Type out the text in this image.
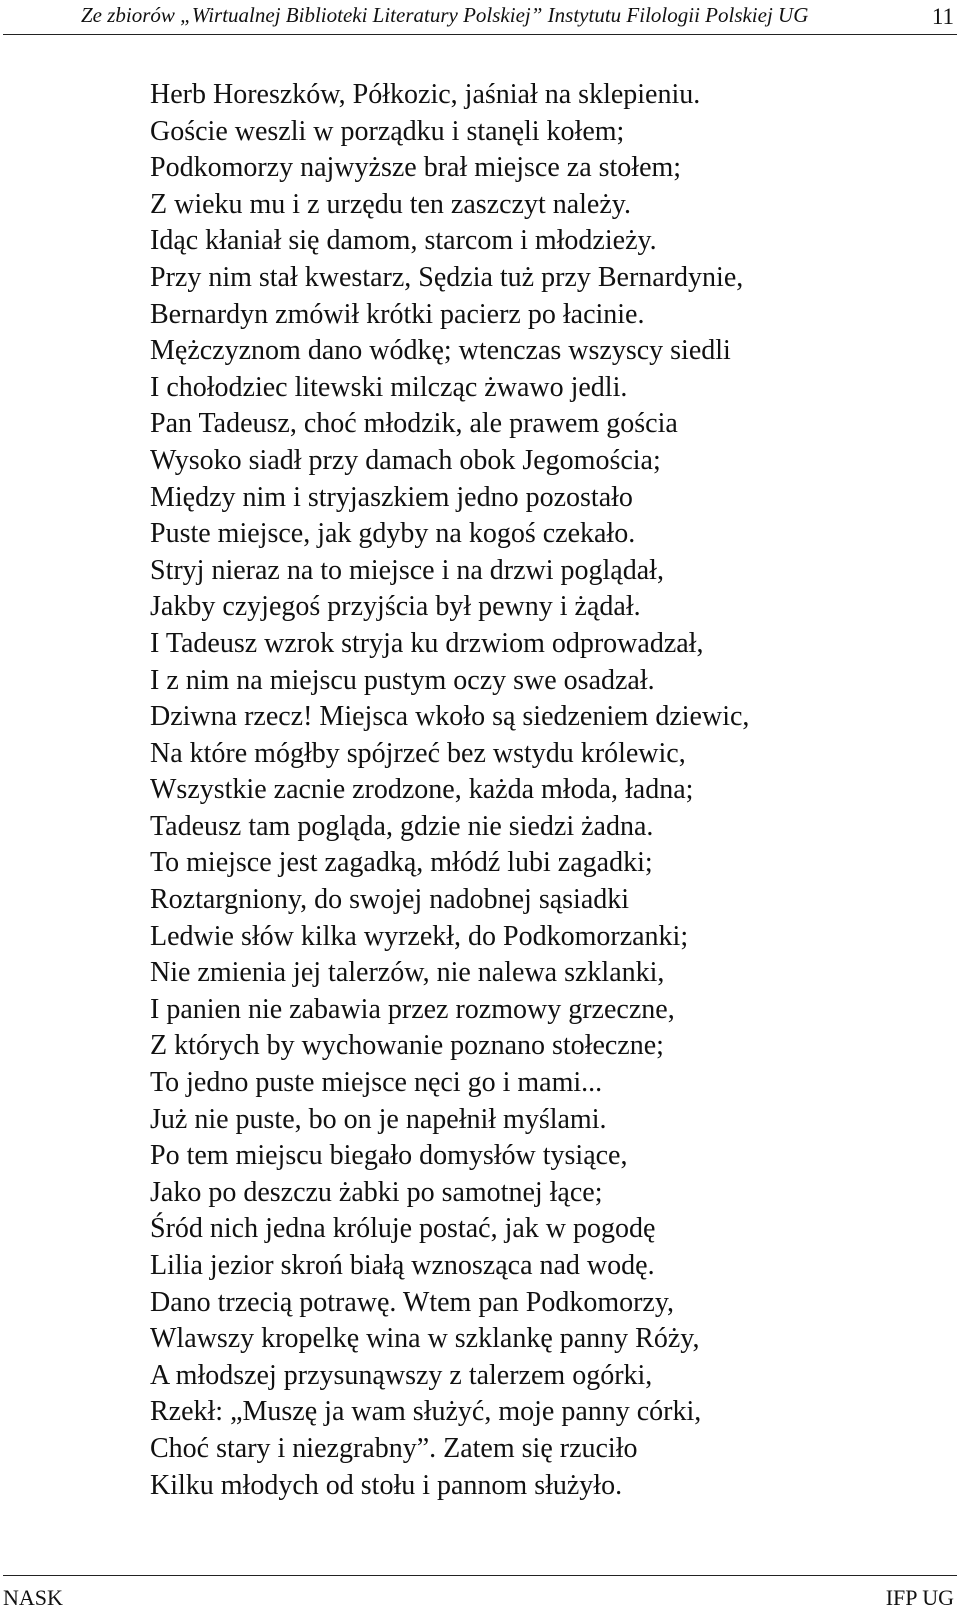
Ze zbiorów „Wirtualnej Biblioteki Literatury Polskiej” Instytutu Filologii Polskiej UG	11
Herb Horeszków, Półkozic, jaśniał na sklepieniu.
Goście weszli w porządku i stanęli kołem;
Podkomorzy najwyższe brał miejsce za stołem;
Z wieku mu i z urzędu ten zaszczyt należy.
Idąc kłaniał się damom, starcom i młodzieży.
Przy nim stał kwestarz, Sędzia tuż przy Bernardynie,
Bernardyn zmówił krótki pacierz po łacinie.
Mężczyznom dano wódkę; wtenczas wszyscy siedli
I chołodziec litewski milcząc żwawo jedli.
Pan Tadeusz, choć młodzik, ale prawem gościa
Wysoko siadł przy damach obok Jegomościa;
Między nim i stryjaszkiem jedno pozostało
Puste miejsce, jak gdyby na kogoś czekało.
Stryj nieraz na to miejsce i na drzwi poglądał,
Jakby czyjegoś przyjścia był pewny i żądał.
I Tadeusz wzrok stryja ku drzwiom odprowadzał,
I z nim na miejscu pustym oczy swe osadzał.
Dziwna rzecz! Miejsca wkoło są siedzeniem dziewic,
Na które mógłby spójrzeć bez wstydu królewic,
Wszystkie zacnie zrodzone, każda młoda, ładna;
Tadeusz tam pogląda, gdzie nie siedzi żadna.
To miejsce jest zagadką, młódź lubi zagadki;
Roztargniony, do swojej nadobnej sąsiadki
Ledwie słów kilka wyrzekł, do Podkomorzanki;
Nie zmienia jej talerzów, nie nalewa szklanki,
I panien nie zabawia przez rozmowy grzeczne,
Z których by wychowanie poznano stołeczne;
To jedno puste miejsce nęci go i mami...
Już nie puste, bo on je napełnił myślami.
Po tem miejscu biegało domysłów tysiące,
Jako po deszczu żabki po samotnej łące;
Śród nich jedna króluje postać, jak w pogodę
Lilia jezior skroń białą wznosząca nad wodę.
Dano trzecią potrawę. Wtem pan Podkomorzy,
Wlawszy kropelkę wina w szklankę panny Róży,
A młodszej przysunąwszy z talerzem ogórki,
Rzekł: „Muszę ja wam służyć, moje panny córki,
Choć stary i niezgrabny”. Zatem się rzuciło
Kilku młodych od stołu i pannom służyło.
NASK	IFP UG
